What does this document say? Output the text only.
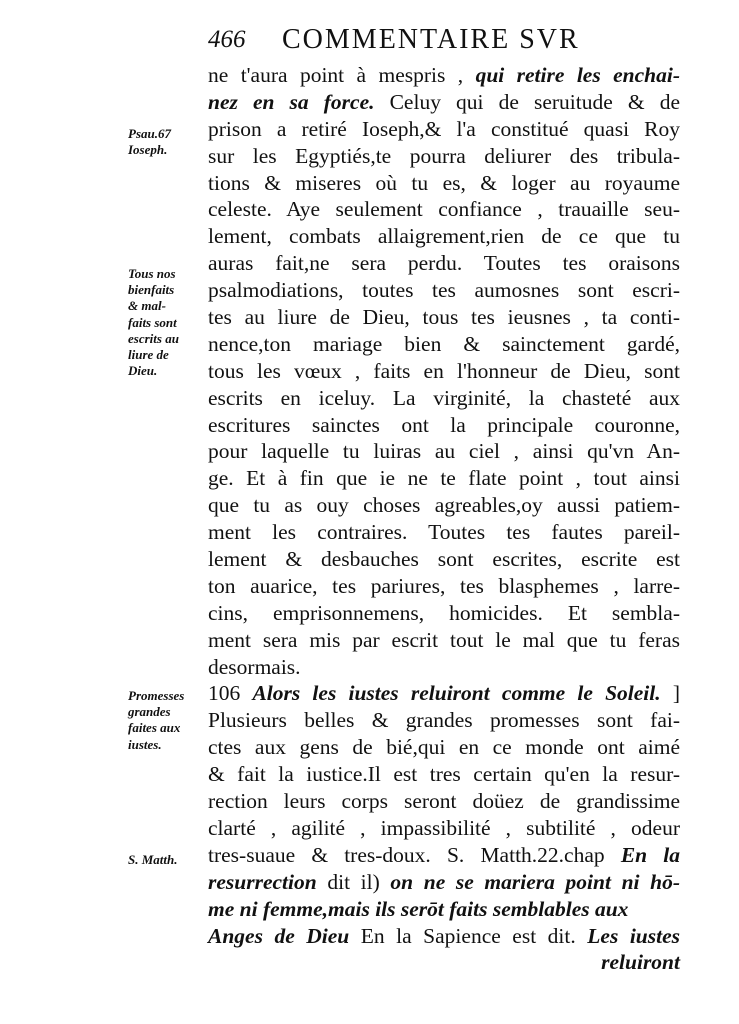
466 COMMENTAIRE SVR
ne t'aura point à mespris , qui retire les enchai-
nez en sa force. Celuy qui de seruitude & de
prison a retiré Ioseph,& l'a constitué quasi Roy
sur les Egyptiés,te pourra deliurer des tribula-
tions & miseres où tu es, & loger au royaume
celeste. Aye seulement confiance , trauaille seu-
lement, combats allaigrement,rien de ce que tu
auras fait,ne sera perdu. Toutes tes oraisons
psalmodiations, toutes tes aumosnes sont escri-
tes au liure de Dieu, tous tes ieusnes , ta conti-
nence,ton mariage bien & sainctement gardé,
tous les vœux , faits en l'honneur de Dieu, sont
escrits en iceluy. La virginité, la chasteté aux
escritures sainctes ont la principale couronne,
pour laquelle tu luiras au ciel , ainsi qu'vn An-
ge. Et à fin que ie ne te flate point , tout ainsi
que tu as ouy choses agreables,oy aussi patiem-
ment les contraires. Toutes tes fautes pareil-
lement & desbauches sont escrites, escrite est
ton auarice, tes pariures, tes blasphemes , larre-
cins, emprisonnemens, homicides. Et sembla-
ment sera mis par escrit tout le mal que tu feras
desormais.
106 Alors les iustes reluiront comme le Soleil. ]
Plusieurs belles & grandes promesses sont fai-
ctes aux gens de bié,qui en ce monde ont aimé
& fait la iustice.Il est tres certain qu'en la resur-
rection leurs corps seront doüez de grandissime
clarté , agilité , impassibilité , subtilité , odeur
tres-suaue & tres-doux. S. Matth.22.chap En la
resurrection dit il) on ne se mariera point ni hō-
me ni femme,mais ils serōt faits semblables aux
Anges de Dieu En la Sapience est dit. Les iustes
reluiront
Psau.67
Ioseph.
Tous nos
bienfaits
& mal-
faits sont
escrits au
liure de
Dieu.
Promesses
grandes
faites aux
iustes.
S. Matth.
